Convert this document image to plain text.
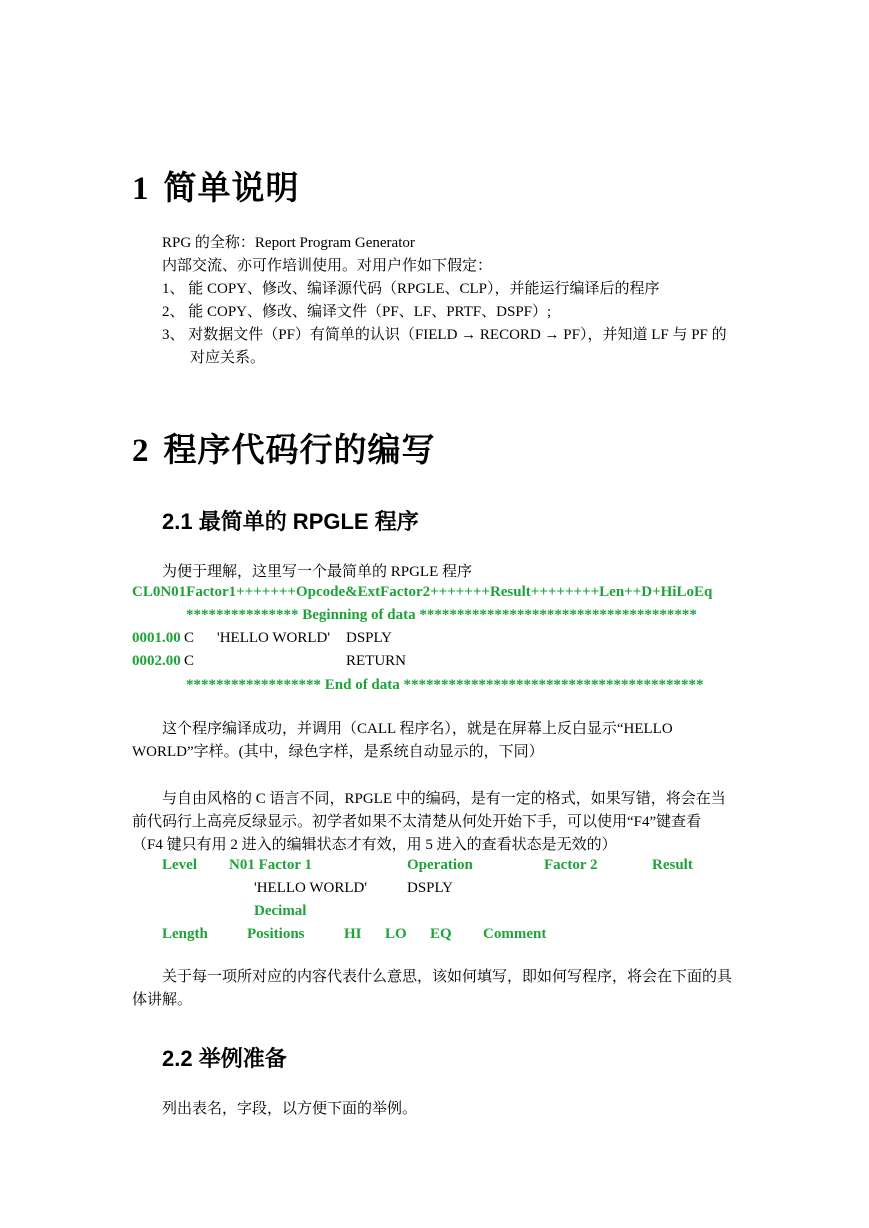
1 简单说明
RPG 的全称：Report Program Generator
内部交流、亦可作培训使用。对用户作如下假定：
1、 能 COPY、修改、编译源代码（RPGLE、CLP），并能运行编译后的程序
2、 能 COPY、修改、编译文件（PF、LF、PRTF、DSPF）;
3、 对数据文件（PF）有简单的认识（FIELD → RECORD → PF），并知道 LF 与 PF 的
对应关系。
2 程序代码行的编写
2.1 最简单的 RPGLE 程序
为便于理解，这里写一个最简单的 RPGLE 程序
CL0N01Factor1+++++++Opcode&ExtFactor2+++++++Result++++++++Len++D+HiLoEq
*************** Beginning of data *************************************
0001.00 C 'HELLO WORLD' DSPLY
0002.00 C	RETURN
****************** End of data ****************************************
这个程序编译成功，并调用（CALL 程序名），就是在屏幕上反白显示“HELLO
WORLD”字样。(其中，绿色字样，是系统自动显示的，下同）
与自由风格的 C 语言不同，RPGLE 中的编码，是有一定的格式，如果写错，将会在当
前代码行上高亮反绿显示。初学者如果不太清楚从何处开始下手，可以使用“F4”键查看
（F4 键只有用 2 进入的编辑状态才有效，用 5 进入的查看状态是无效的）
Level N01 Factor 1	Operation	Factor 2	Result
'HELLO WORLD'	DSPLY
Decimal
Length	Positions	HI LO EQ Comment
关于每一项所对应的内容代表什么意思，该如何填写，即如何写程序，将会在下面的具
体讲解。
2.2 举例准备
列出表名，字段，以方便下面的举例。
